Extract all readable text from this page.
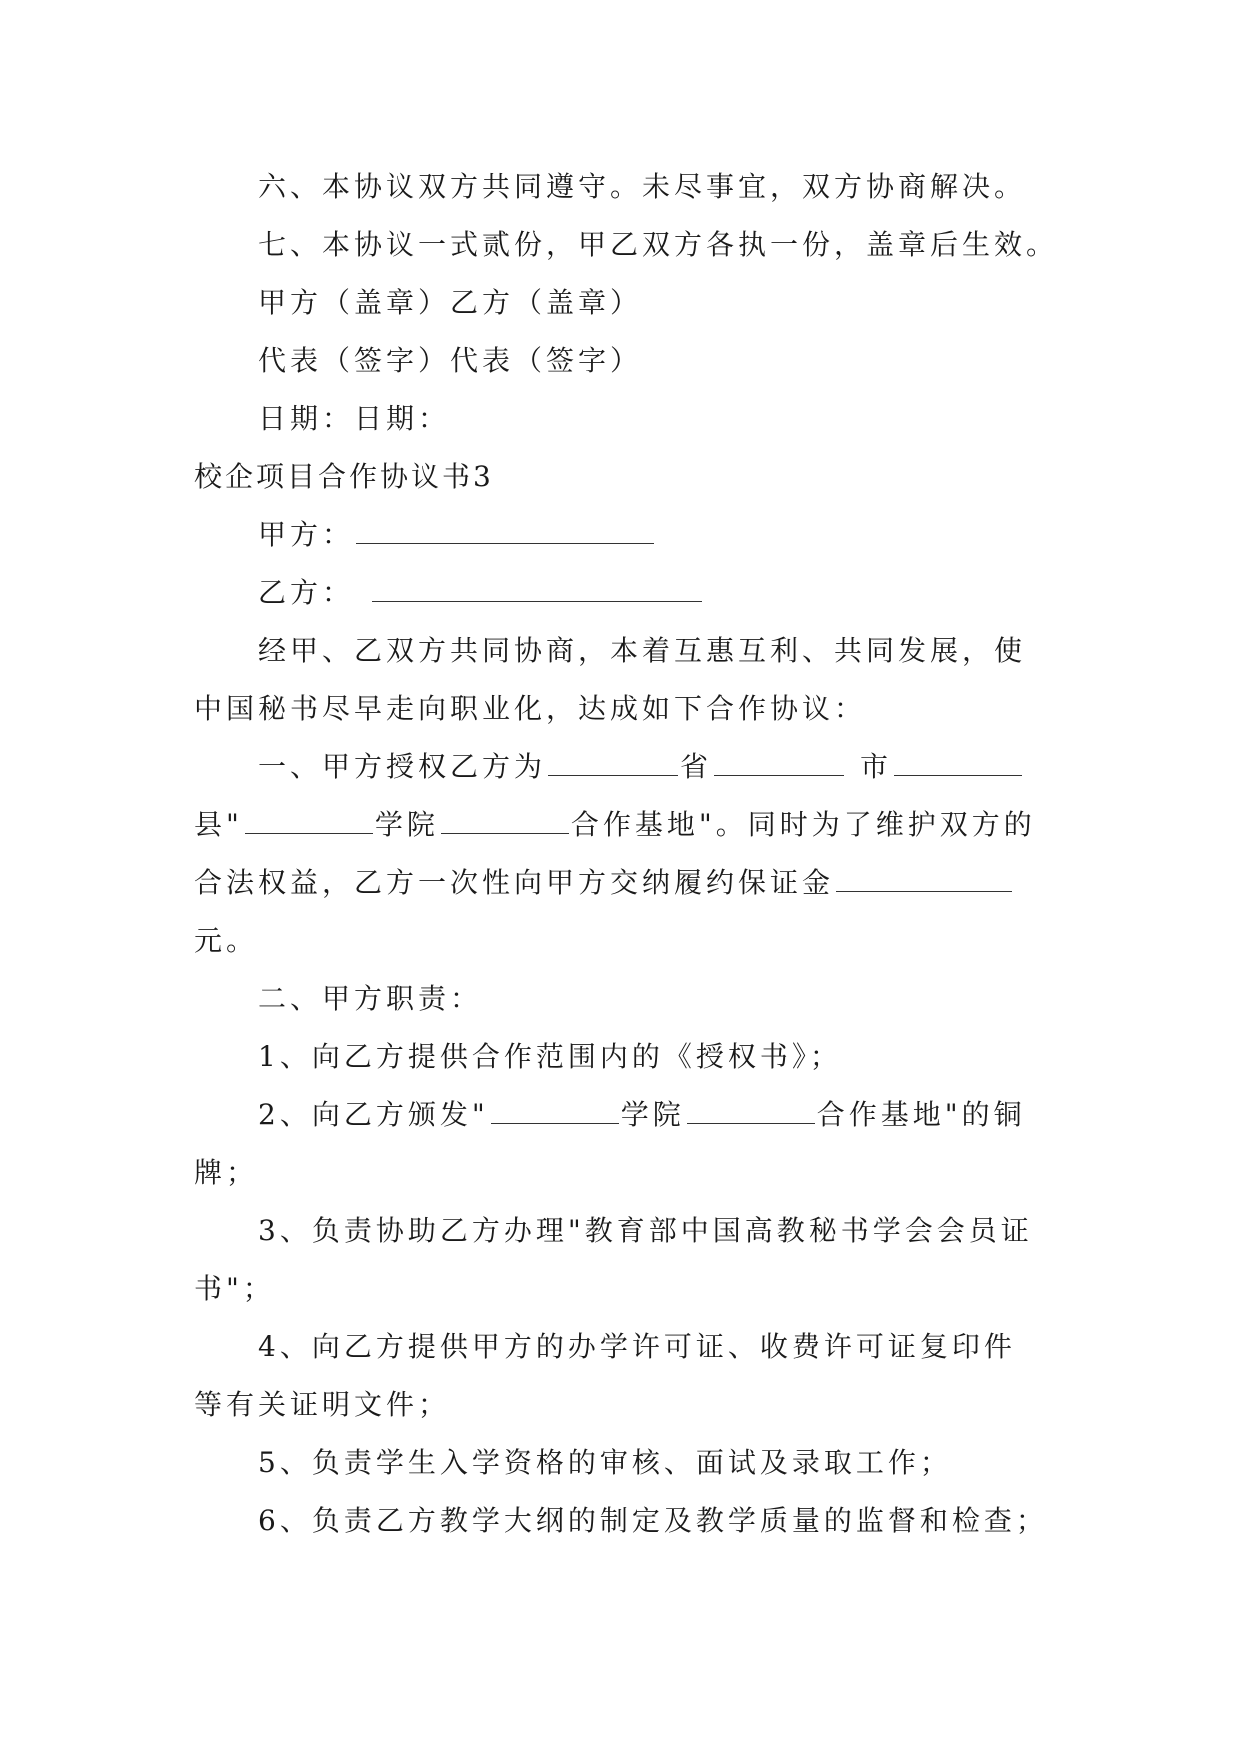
六、本协议双方共同遵守。未尽事宜，双方协商解决。
七、本协议一式贰份，甲乙双方各执一份，盖章后生效。
甲方（盖章）乙方（盖章）
代表（签字）代表（签字）
日期：日期：
校企项目合作协议书3
甲方：
乙方：
经甲、乙双方共同协商，本着互惠互利、共同发展，使
中国秘书尽早走向职业化，达成如下合作协议：
一、甲方授权乙方为	省	市
县"	学院	合作基地"。同时为了维护双方的
合法权益，乙方一次性向甲方交纳履约保证金
元。
二、甲方职责：
1、向乙方提供合作范围内的《授权书》；
2、向乙方颁发"	学院	合作基地"的铜
牌；
3、负责协助乙方办理"教育部中国高教秘书学会会员证
书"；
4、向乙方提供甲方的办学许可证、收费许可证复印件
等有关证明文件；
5、负责学生入学资格的审核、面试及录取工作；
6、负责乙方教学大纲的制定及教学质量的监督和检查；
